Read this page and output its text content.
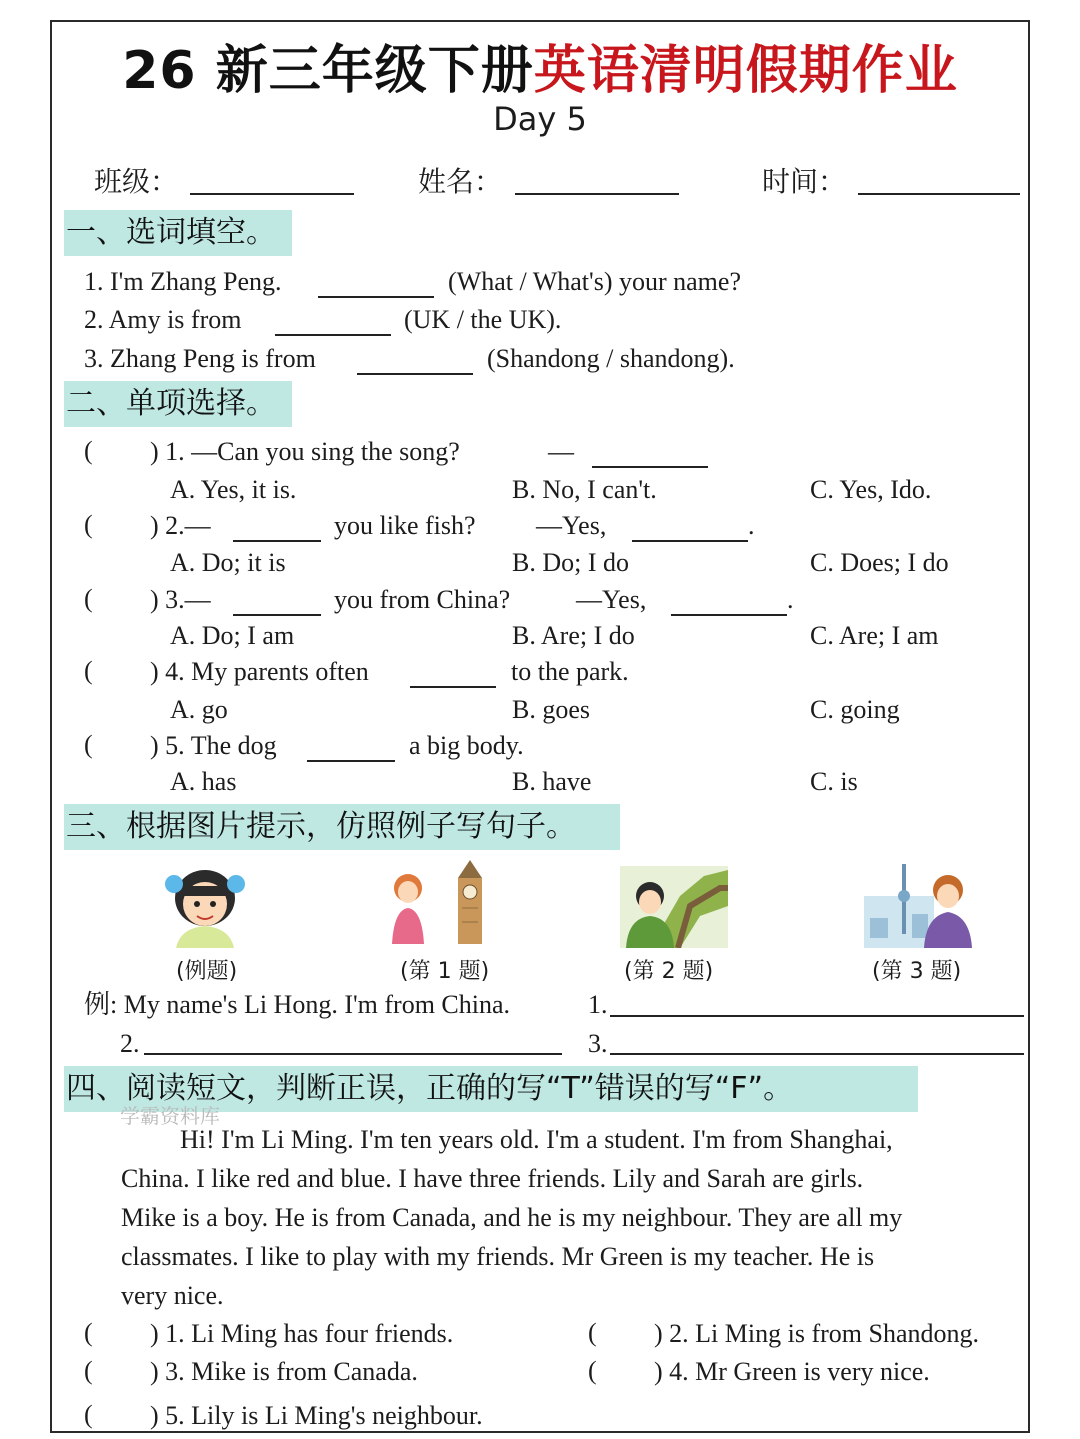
26 新三年级下册英语清明假期作业
Day 5
班级：	姓名：	时间：
一、选词填空。
1. I'm Zhang Peng.	(What / What's) your name?
2. Amy is from	(UK / the UK).
3. Zhang Peng is from	(Shandong / shandong).
二、单项选择。
( ) 1. —Can you sing the song?	—
A. Yes, it is.	B. No, I can't.	C. Yes, Ido.
( ) 2.—	you like fish? —Yes,	.
A. Do; it is	B. Do; I do	C. Does; I do
( ) 3.—	you from China?	—Yes,	.
A. Do; I am	B. Are; I do	C. Are; I am
( ) 4. My parents often	to the park.
A. go	B. goes	C. going
( ) 5. The dog	a big body.
A. has	B. have	C. is
三、根据图片提示，仿照例子写句子。
(例题)	(第 1 题)	(第 2 题)	(第 3 题)
例: My name's Li Hong. I'm from China.	1.
2.	3.
四、阅读短文，判断正误，正确的写“T”错误的写“F”。
学霸资料库
Hi! I'm Li Ming. I'm ten years old. I'm a student. I'm from Shanghai,
China. I like red and blue. I have three friends. Lily and Sarah are girls.
Mike is a boy. He is from Canada, and he is my neighbour. They are all my
classmates. I like to play with my friends. Mr Green is my teacher. He is
very nice.
( ) 1. Li Ming has four friends.	( ) 2. Li Ming is from Shandong.
( ) 3. Mike is from Canada.	( ) 4. Mr Green is very nice.
( ) 5. Lily is Li Ming's neighbour.
